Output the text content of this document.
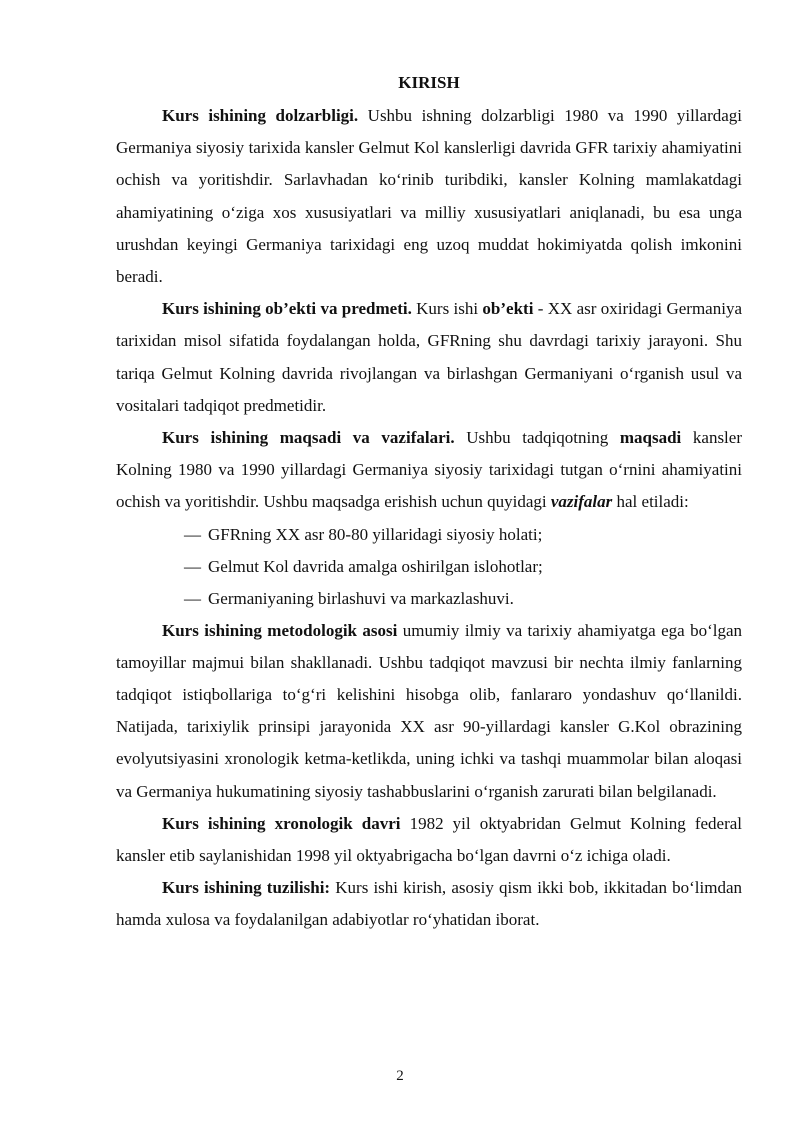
KIRISH

Kurs ishining dolzarbligi. Ushbu ishning dolzarbligi 1980 va 1990 yillardagi Germaniya siyosiy tarixida kansler Gelmut Kol kanslerligi davrida GFR tarixiy ahamiyatini ochish va yoritishdir. Sarlavhadan ko‘rinib turibdiki, kansler Kolning mamlakatdagi ahamiyatining o‘ziga xos xususiyatlari va milliy xususiyatlari aniqlanadi, bu esa unga urushdan keyingi Germaniya tarixidagi eng uzoq muddat hokimiyatda qolish imkonini beradi.

Kurs ishining ob’ekti va predmeti. Kurs ishi ob’ekti - XX asr oxiridagi Germaniya tarixidan misol sifatida foydalangan holda, GFRning shu davrdagi tarixiy jarayoni. Shu tariqa Gelmut Kolning davrida rivojlangan va birlashgan Germaniyani o‘rganish usul va vositalari tadqiqot predmetidir.

Kurs ishining maqsadi va vazifalari. Ushbu tadqiqotning maqsadi kansler Kolning 1980 va 1990 yillardagi Germaniya siyosiy tarixidagi tutgan o‘rnini ahamiyatini ochish va yoritishdir. Ushbu maqsadga erishish uchun quyidagi vazifalar hal etiladi:

— GFRning XX asr 80-80 yillaridagi siyosiy holati;
— Gelmut Kol davrida amalga oshirilgan islohotlar;
— Germaniyaning birlashuvi va markazlashuvi.

Kurs ishining metodologik asosi umumiy ilmiy va tarixiy ahamiyatga ega bo‘lgan tamoyillar majmui bilan shakllanadi. Ushbu tadqiqot mavzusi bir nechta ilmiy fanlarning tadqiqot istiqbollariga to‘g‘ri kelishini hisobga olib, fanlararo yondashuv qo‘llanildi. Natijada, tarixiylik prinsipi jarayonida XX asr 90-yillardagi kansler G.Kol obrazining evolyutsiyasini xronologik ketma-ketlikda, uning ichki va tashqi muammolar bilan aloqasi va Germaniya hukumatining siyosiy tashabbuslarini o‘rganish zarurati bilan belgilanadi.

Kurs ishining xronologik davri 1982 yil oktyabridan Gelmut Kolning federal kansler etib saylanishidan 1998 yil oktyabrigacha bo‘lgan davrni o‘z ichiga oladi.

Kurs ishining tuzilishi: Kurs ishi kirish, asosiy qism ikki bob, ikkitadan bo‘limdan hamda xulosa va foydalanilgan adabiyotlar ro‘yhatidan iborat.

2
